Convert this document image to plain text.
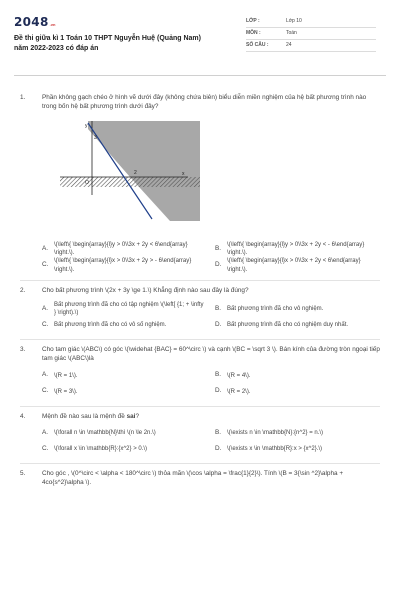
2048.vn
Đề thi giữa kì 1 Toán 10 THPT Nguyễn Huệ (Quảng Nam)
năm 2022-2023 có đáp án
LỚP :	Lớp 10
MÔN :	Toán
SỐ CÂU :	24
1.	Phần không gạch chéo ở hình vẽ dưới đây (không chứa biên) biểu diễn miền nghiệm của hệ bất phương trình nào trong bốn hệ bất phương trình dưới đây?
y
x
O
3
2
A. \(\left\{ \begin{array}{l}y > 0\\3x + 2y < 6\end{array} \right.\).
B. \(\left\{ \begin{array}{l}y > 0\\3x + 2y < - 6\end{array} \right.\).
C. \(\left\{ \begin{array}{l}x > 0\\3x + 2y > - 6\end{array} \right.\).
D. \(\left\{ \begin{array}{l}x > 0\\3x + 2y < 6\end{array} \right.\).
2.	Cho bất phương trình \(2x + 3y \ge 1.\) Khẳng định nào sau đây là đúng?
A. Bất phương trình đã cho có tập nghiệm \(\left[ {1; + \infty } \right).\)
B. Bất phương trình đã cho vô nghiệm.
C. Bất phương trình đã cho có vô số nghiệm.	D. Bất phương trình đã cho có nghiệm duy nhất.
3.	Cho tam giác \(ABC\) có góc \(\widehat {BAC} = 60^\circ \) và cạnh \(BC = \sqrt 3 \). Bán kính của đường tròn ngoại tiếp tam giác \(ABC\)là
A. \(R = 1\).	B. \(R = 4\).
C. \(R = 3\).	D. \(R = 2\).
4.	Mệnh đề nào sau là mệnh đề sai?
A. \(\forall n \in \mathbb{N}\thì \(n \le 2n.\)	B. \(\exists n \in \mathbb{N}:{n^2} = n.\)
C. \(\forall x \in \mathbb{R}:{x^2} > 0.\)	D. \(\exists x \in \mathbb{R}:x > {x^2}.\)
5.	Cho góc , \(0^\circ < \alpha < 180^\circ \) thỏa mãn \(\cos \alpha = \frac{1}{2}\). Tính \(B = 3{\sin ^2}\alpha + 4co{s^2}\alpha \).
